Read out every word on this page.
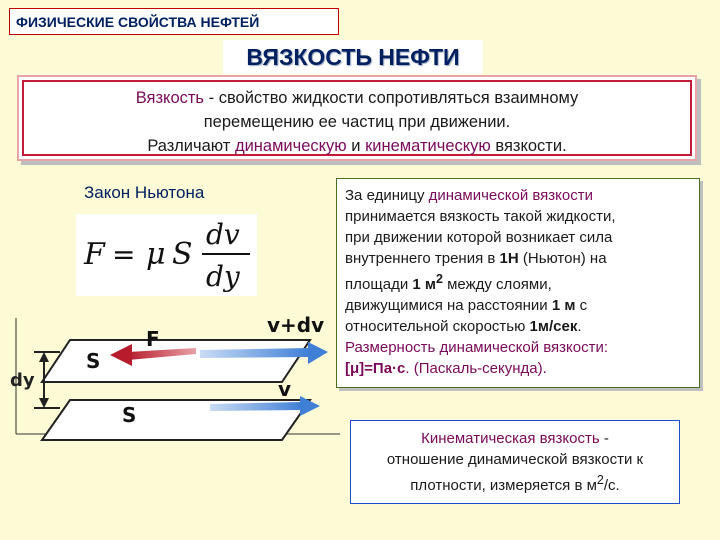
ФИЗИЧЕСКИЕ СВОЙСТВА НЕФТЕЙ
ВЯЗКОСТЬ НЕФТИ
Вязкость - свойство жидкости сопротивляться взаимному
перемещению ее частиц при движении.
Различают динамическую и кинематическую вязкости.
Закон Ньютона
F = μ S
dv
dy
dy
F
v+dv
v
S
S
За единицу динамической вязкости
принимается вязкость такой жидкости,
при движении которой возникает сила
внутреннего трения в 1Н (Ньютон) на
площади 1 $м^2$ между слоями,
движущимися на расстоянии 1 м с
относительной скоростью 1м/сек.
Размерность динамической вязкости:
[μ]=Па·с. (Паскаль-секунда).
Кинематическая вязкость -
отношение динамической вязкости к
плотности, измеряется в $м^2/с$.
